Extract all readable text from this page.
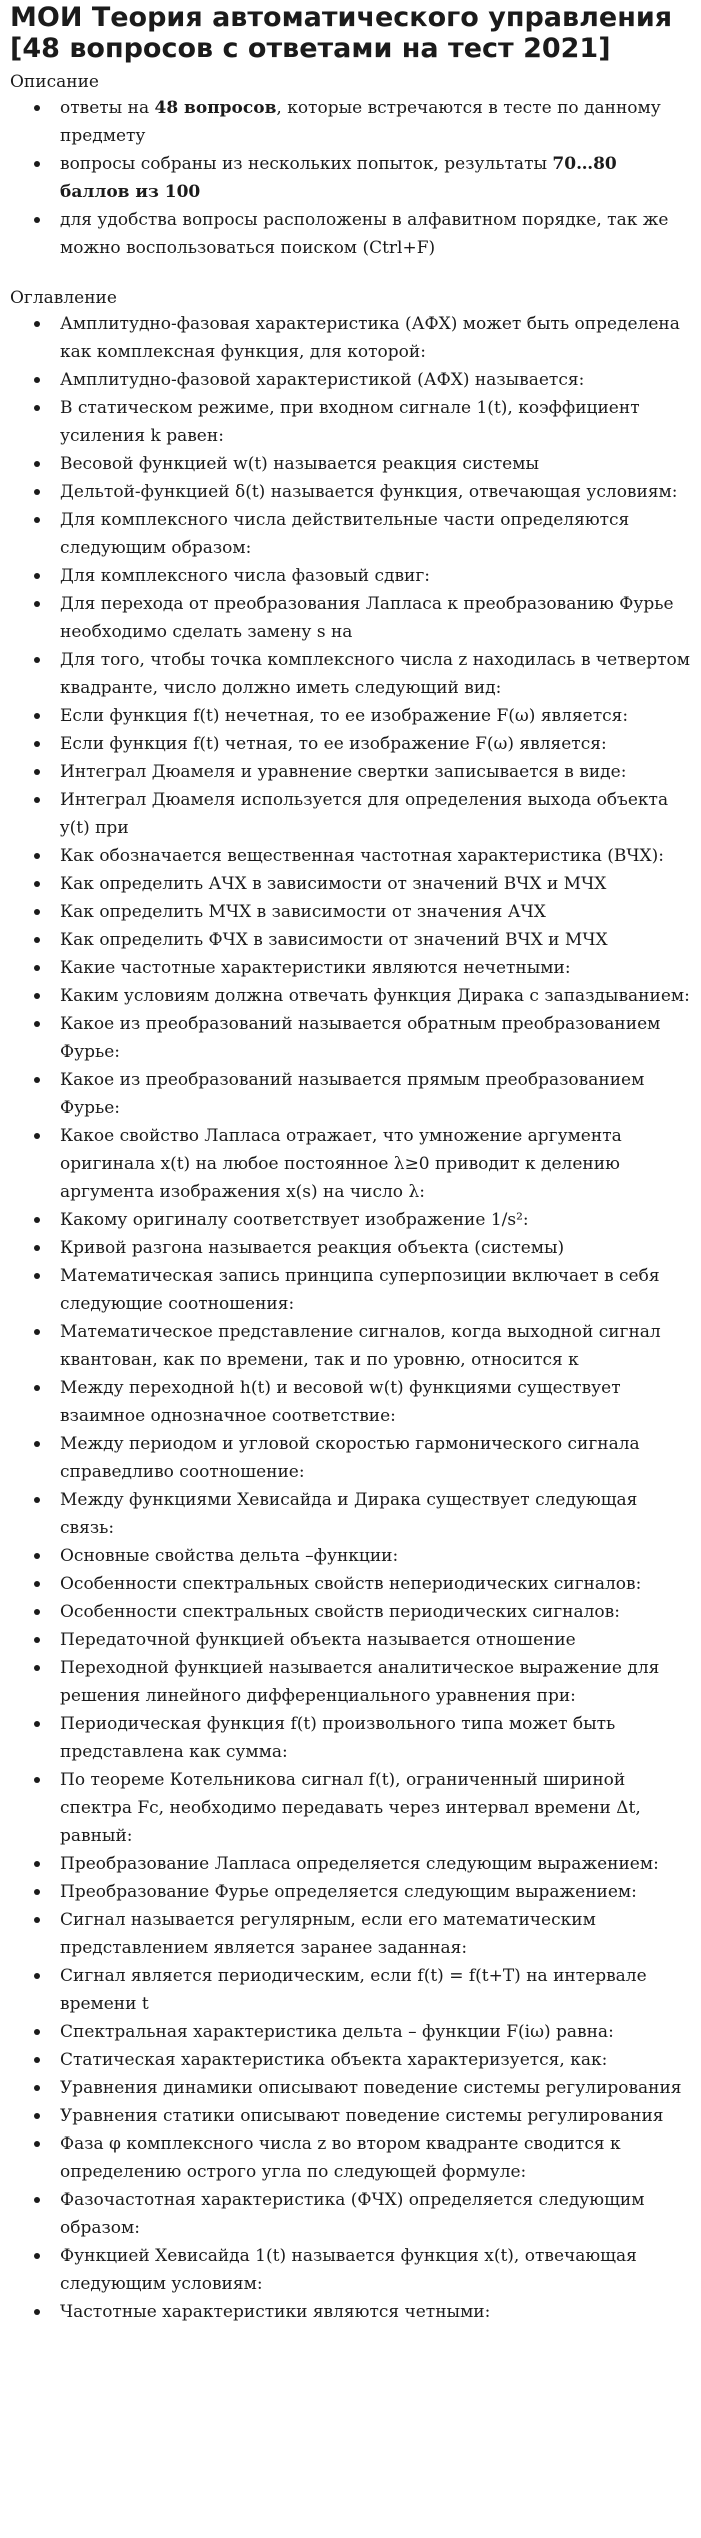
МОИ Теория автоматического управления [48 вопросов с ответами на тест 2021]
Описание
ответы на 48 вопросов, которые встречаются в тесте по данному предмету
вопросы собраны из нескольких попыток, результаты 70…80 баллов из 100
для удобства вопросы расположены в алфавитном порядке, так же можно воспользоваться поиском (Ctrl+F)
Оглавление
Амплитудно-фазовая характеристика (АФХ) может быть определена как комплексная функция, для которой:
Амплитудно-фазовой характеристикой (АФХ) называется:
В статическом режиме, при входном сигнале 1(t), коэффициент усиления k равен:
Весовой функцией w(t) называется реакция системы
Дельтой-функцией δ(t) называется функция, отвечающая условиям:
Для комплексного числа действительные части определяются следующим образом:
Для комплексного числа фазовый сдвиг:
Для перехода от преобразования Лапласа к преобразованию Фурье необходимо сделать замену s на
Для того, чтобы точка комплексного числа z находилась в четвертом квадранте, число должно иметь следующий вид:
Если функция f(t) нечетная, то ее изображение F(ω) является:
Если функция f(t) четная, то ее изображение F(ω) является:
Интеграл Дюамеля и уравнение свертки записывается в виде:
Интеграл Дюамеля используется для определения выхода объекта y(t) при
Как обозначается вещественная частотная характеристика (ВЧХ):
Как определить АЧХ в зависимости от значений ВЧХ и МЧХ
Как определить МЧХ в зависимости от значения АЧХ
Как определить ФЧХ в зависимости от значений ВЧХ и МЧХ
Какие частотные характеристики являются нечетными:
Каким условиям должна отвечать функция Дирака с запаздыванием:
Какое из преобразований называется обратным преобразованием Фурье:
Какое из преобразований называется прямым преобразованием Фурье:
Какое свойство Лапласа отражает, что умножение аргумента оригинала x(t) на любое постоянное λ≥0 приводит к делению аргумента изображения x(s) на число λ:
Какому оригиналу соответствует изображение 1/s²:
Кривой разгона называется реакция объекта (системы)
Математическая запись принципа суперпозиции включает в себя следующие соотношения:
Математическое представление сигналов, когда выходной сигнал квантован, как по времени, так и по уровню, относится к
Между переходной h(t) и весовой w(t) функциями существует взаимное однозначное соответствие:
Между периодом и угловой скоростью гармонического сигнала справедливо соотношение:
Между функциями Хевисайда и Дирака существует следующая связь:
Основные свойства дельта –функции:
Особенности спектральных свойств непериодических сигналов:
Особенности спектральных свойств периодических сигналов:
Передаточной функцией объекта называется отношение
Переходной функцией называется аналитическое выражение для решения линейного дифференциального уравнения при:
Периодическая функция f(t) произвольного типа может быть представлена как сумма:
По теореме Котельникова сигнал f(t), ограниченный шириной спектра Fc, необходимо передавать через интервал времени Δt, равный:
Преобразование Лапласа определяется следующим выражением:
Преобразование Фурье определяется следующим выражением:
Сигнал называется регулярным, если его математическим представлением является заранее заданная:
Сигнал является периодическим, если f(t) = f(t+T) на интервале времени t
Спектральная характеристика дельта – функции F(iω) равна:
Статическая характеристика объекта характеризуется, как:
Уравнения динамики описывают поведение системы регулирования
Уравнения статики описывают поведение системы регулирования
Фаза φ комплексного числа z во втором квадранте сводится к определению острого угла по следующей формуле:
Фазочастотная характеристика (ФЧХ) определяется следующим образом:
Функцией Хевисайда 1(t) называется функция x(t), отвечающая следующим условиям:
Частотные характеристики являются четными:
